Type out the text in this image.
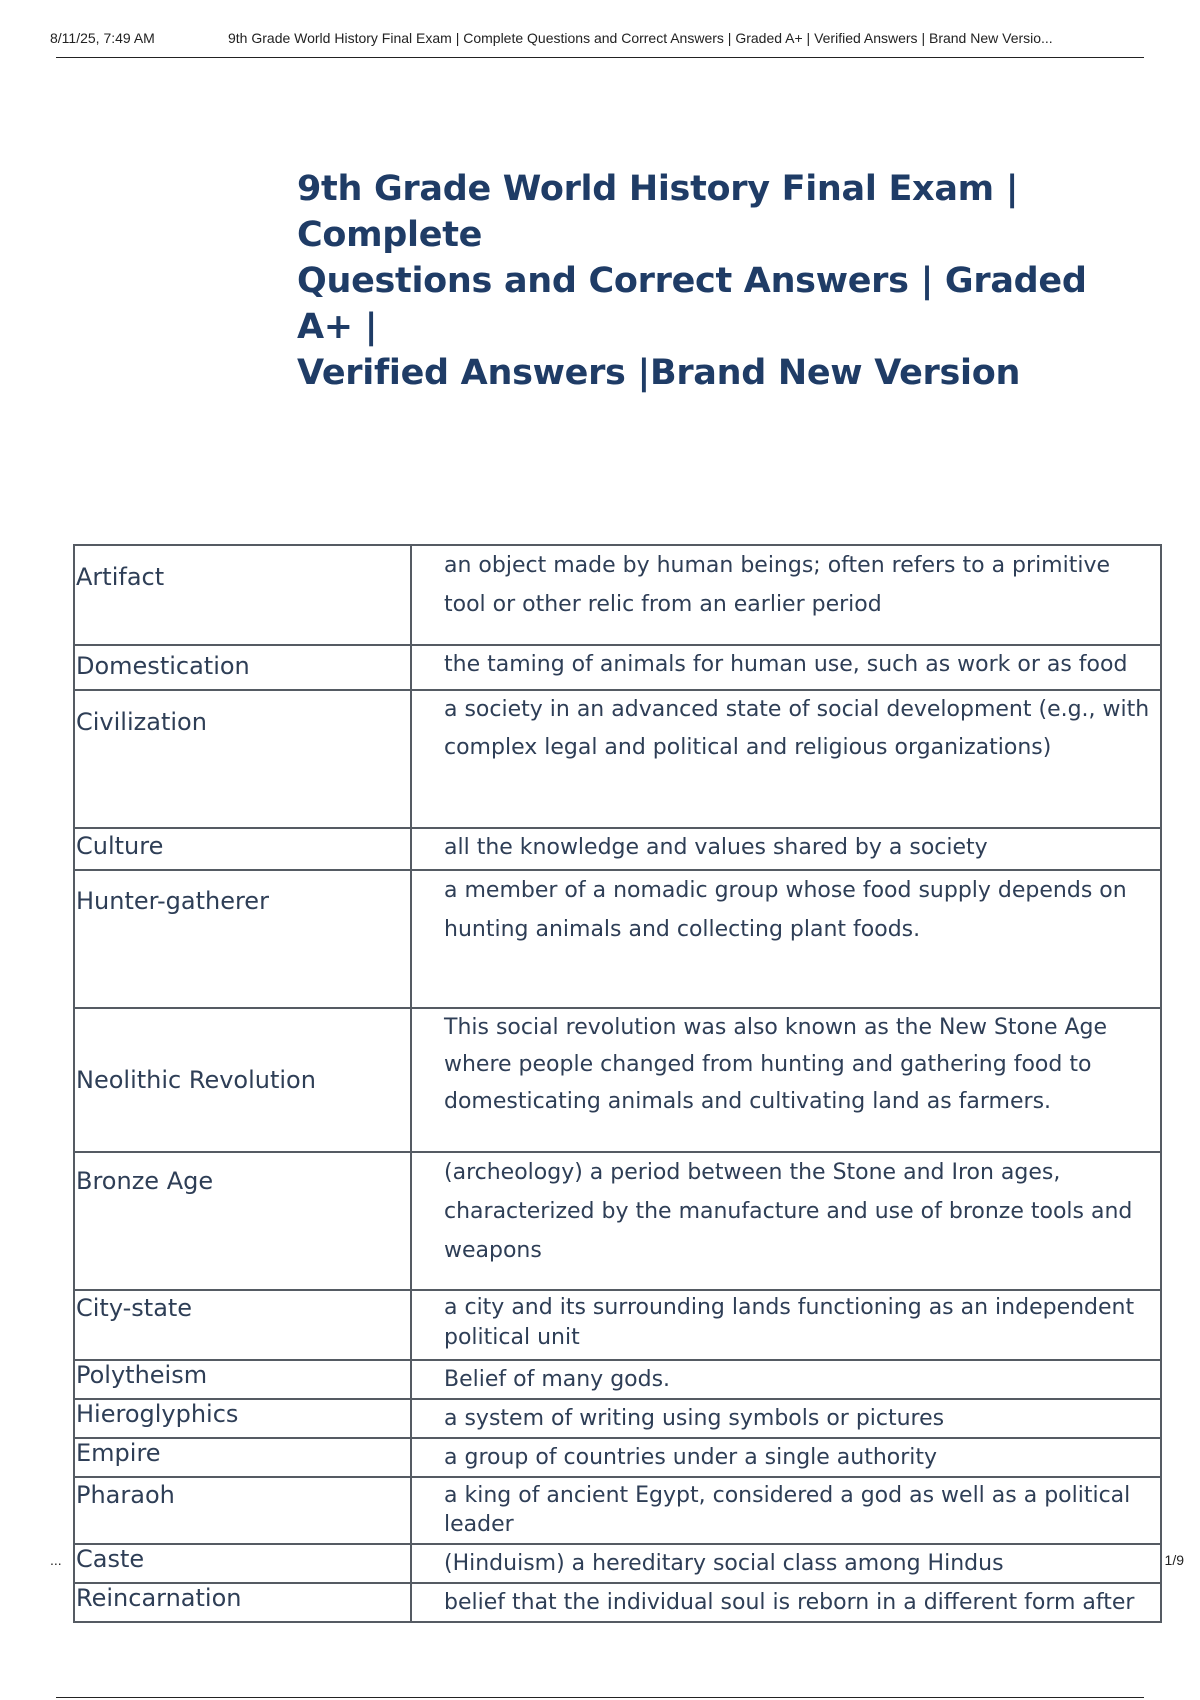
8/11/25, 7:49 AM	9th Grade World History Final Exam | Complete Questions and Correct Answers | Graded A+ | Verified Answers | Brand New Versio...
9th Grade World History Final Exam | Complete
Questions and Correct Answers | Graded A+ |
Verified Answers |Brand New Version
Artifact	an object made by human beings; often refers to a primitive tool or other relic from an earlier period

Domestication	the taming of animals for human use, such as work or as food

Civilization	a society in an advanced state of social development (e.g., with complex legal and political and religious organizations)

Culture	all the knowledge and values shared by a society

Hunter-gatherer	a member of a nomadic group whose food supply depends on hunting animals and collecting plant foods.

Neolithic Revolution	This social revolution was also known as the New Stone Age where people changed from hunting and gathering food to domesticating animals and cultivating land as farmers.

Bronze Age	(archeology) a period between the Stone and Iron ages, characterized by the manufacture and use of bronze tools and weapons

City-state	a city and its surrounding lands functioning as an independent political unit

Polytheism	Belief of many gods.

Hieroglyphics	a system of writing using symbols or pictures

Empire	a group of countries under a single authority

Pharaoh	a king of ancient Egypt, considered a god as well as a political leader

Caste	(Hinduism) a hereditary social class among Hindus

Reincarnation	belief that the individual soul is reborn in a different form after
...	1/9
